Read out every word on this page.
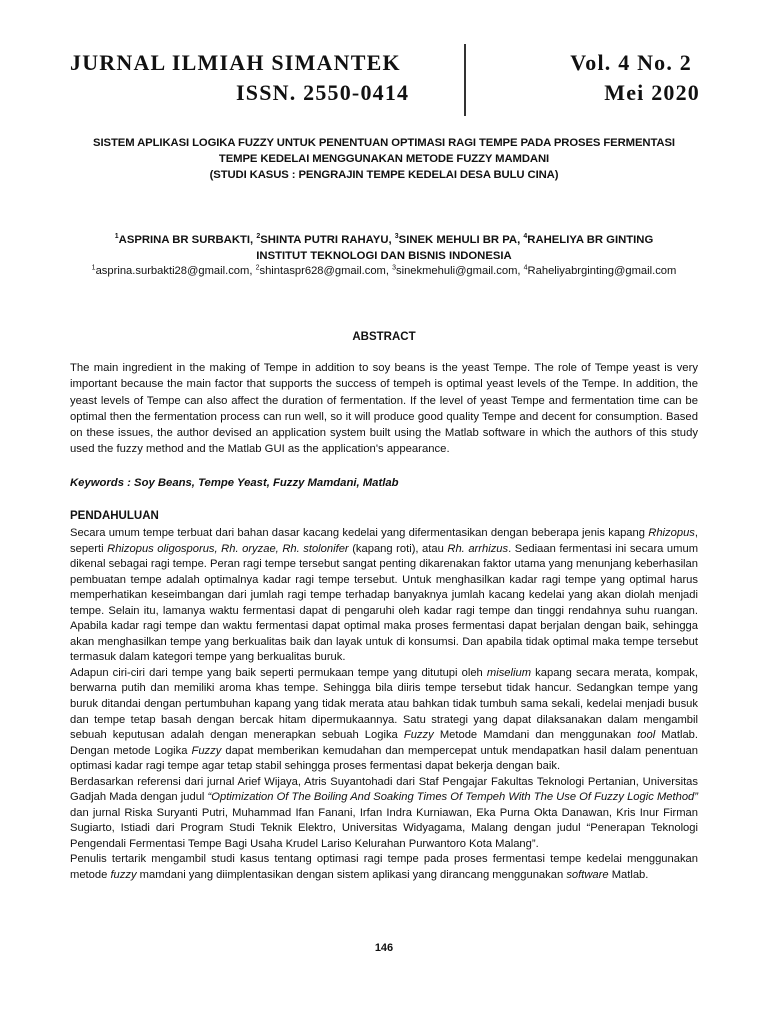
JURNAL ILMIAH SIMANTEK
ISSN. 2550-0414
Vol. 4 No. 2
Mei 2020
SISTEM APLIKASI LOGIKA FUZZY UNTUK PENENTUAN OPTIMASI RAGI TEMPE PADA PROSES FERMENTASI
TEMPE KEDELAI MENGGUNAKAN METODE FUZZY MAMDANI
(STUDI KASUS : PENGRAJIN TEMPE KEDELAI DESA BULU CINA)
$^1$ASPRINA BR SURBAKTI, $^2$SHINTA PUTRI RAHAYU, $^3$SINEK MEHULI BR PA, $^4$RAHELIYA BR GINTING
INSTITUT TEKNOLOGI DAN BISNIS INDONESIA
$^1$asprina.surbakti28@gmail.com, $^2$shintaspr628@gmail.com, $^3$sinekmehuli@gmail.com, $^4$Raheliyabrginting@gmail.com
ABSTRACT
The main ingredient in the making of Tempe in addition to soy beans is the yeast Tempe. The role of Tempe yeast is very important because the main factor that supports the success of tempeh is optimal yeast levels of the Tempe. In addition, the yeast levels of Tempe can also affect the duration of fermentation. If the level of yeast Tempe and fermentation time can be optimal then the fermentation process can run well, so it will produce good quality Tempe and decent for consumption. Based on these issues, the author devised an application system built using the Matlab software in which the authors of this study used the fuzzy method and the Matlab GUI as the application's appearance.
Keywords : Soy Beans, Tempe Yeast, Fuzzy Mamdani, Matlab
PENDAHULUAN

Secara umum tempe terbuat dari bahan dasar kacang kedelai yang difermentasikan dengan beberapa jenis kapang Rhizopus, seperti Rhizopus oligosporus, Rh. oryzae, Rh. stolonifer (kapang roti), atau Rh. arrhizus. Sediaan fermentasi ini secara umum dikenal sebagai ragi tempe. Peran ragi tempe tersebut sangat penting dikarenakan faktor utama yang menunjang keberhasilan pembuatan tempe adalah optimalnya kadar ragi tempe tersebut. Untuk menghasilkan kadar ragi tempe yang optimal harus memperhatikan keseimbangan dari jumlah ragi tempe terhadap banyaknya jumlah kacang kedelai yang akan diolah menjadi tempe. Selain itu, lamanya waktu fermentasi dapat di pengaruhi oleh kadar ragi tempe dan tinggi rendahnya suhu ruangan. Apabila kadar ragi tempe dan waktu fermentasi dapat optimal maka proses fermentasi dapat berjalan dengan baik, sehingga akan menghasilkan tempe yang berkualitas baik dan layak untuk di konsumsi. Dan apabila tidak optimal maka tempe tersebut termasuk dalam kategori tempe yang berkualitas buruk.

Adapun ciri-ciri dari tempe yang baik seperti permukaan tempe yang ditutupi oleh miselium kapang secara merata, kompak, berwarna putih dan memiliki aroma khas tempe. Sehingga bila diiris tempe tersebut tidak hancur. Sedangkan tempe yang buruk ditandai dengan pertumbuhan kapang yang tidak merata atau bahkan tidak tumbuh sama sekali, kedelai menjadi busuk dan tempe tetap basah dengan bercak hitam dipermukaannya. Satu strategi yang dapat dilaksanakan dalam mengambil sebuah keputusan adalah dengan menerapkan sebuah Logika Fuzzy Metode Mamdani dan menggunakan tool Matlab. Dengan metode Logika Fuzzy dapat memberikan kemudahan dan mempercepat untuk mendapatkan hasil dalam penentuan optimasi kadar ragi tempe agar tetap stabil sehingga proses fermentasi dapat bekerja dengan baik.

Berdasarkan referensi dari jurnal Arief Wijaya, Atris Suyantohadi dari Staf Pengajar Fakultas Teknologi Pertanian, Universitas Gadjah Mada dengan judul “Optimization Of The Boiling And Soaking Times Of Tempeh With The Use Of Fuzzy Logic Method” dan jurnal Riska Suryanti Putri, Muhammad Ifan Fanani, Irfan Indra Kurniawan, Eka Purna Okta Danawan, Kris Inur Firman Sugiarto, Istiadi dari Program Studi Teknik Elektro, Universitas Widyagama, Malang dengan judul “Penerapan Teknologi Pengendali Fermentasi Tempe Bagi Usaha Krudel Lariso Kelurahan Purwantoro Kota Malang”.

Penulis tertarik mengambil studi kasus tentang optimasi ragi tempe pada proses fermentasi tempe kedelai menggunakan metode fuzzy mamdani yang diimplentasikan dengan sistem aplikasi yang dirancang menggunakan software Matlab.

146
